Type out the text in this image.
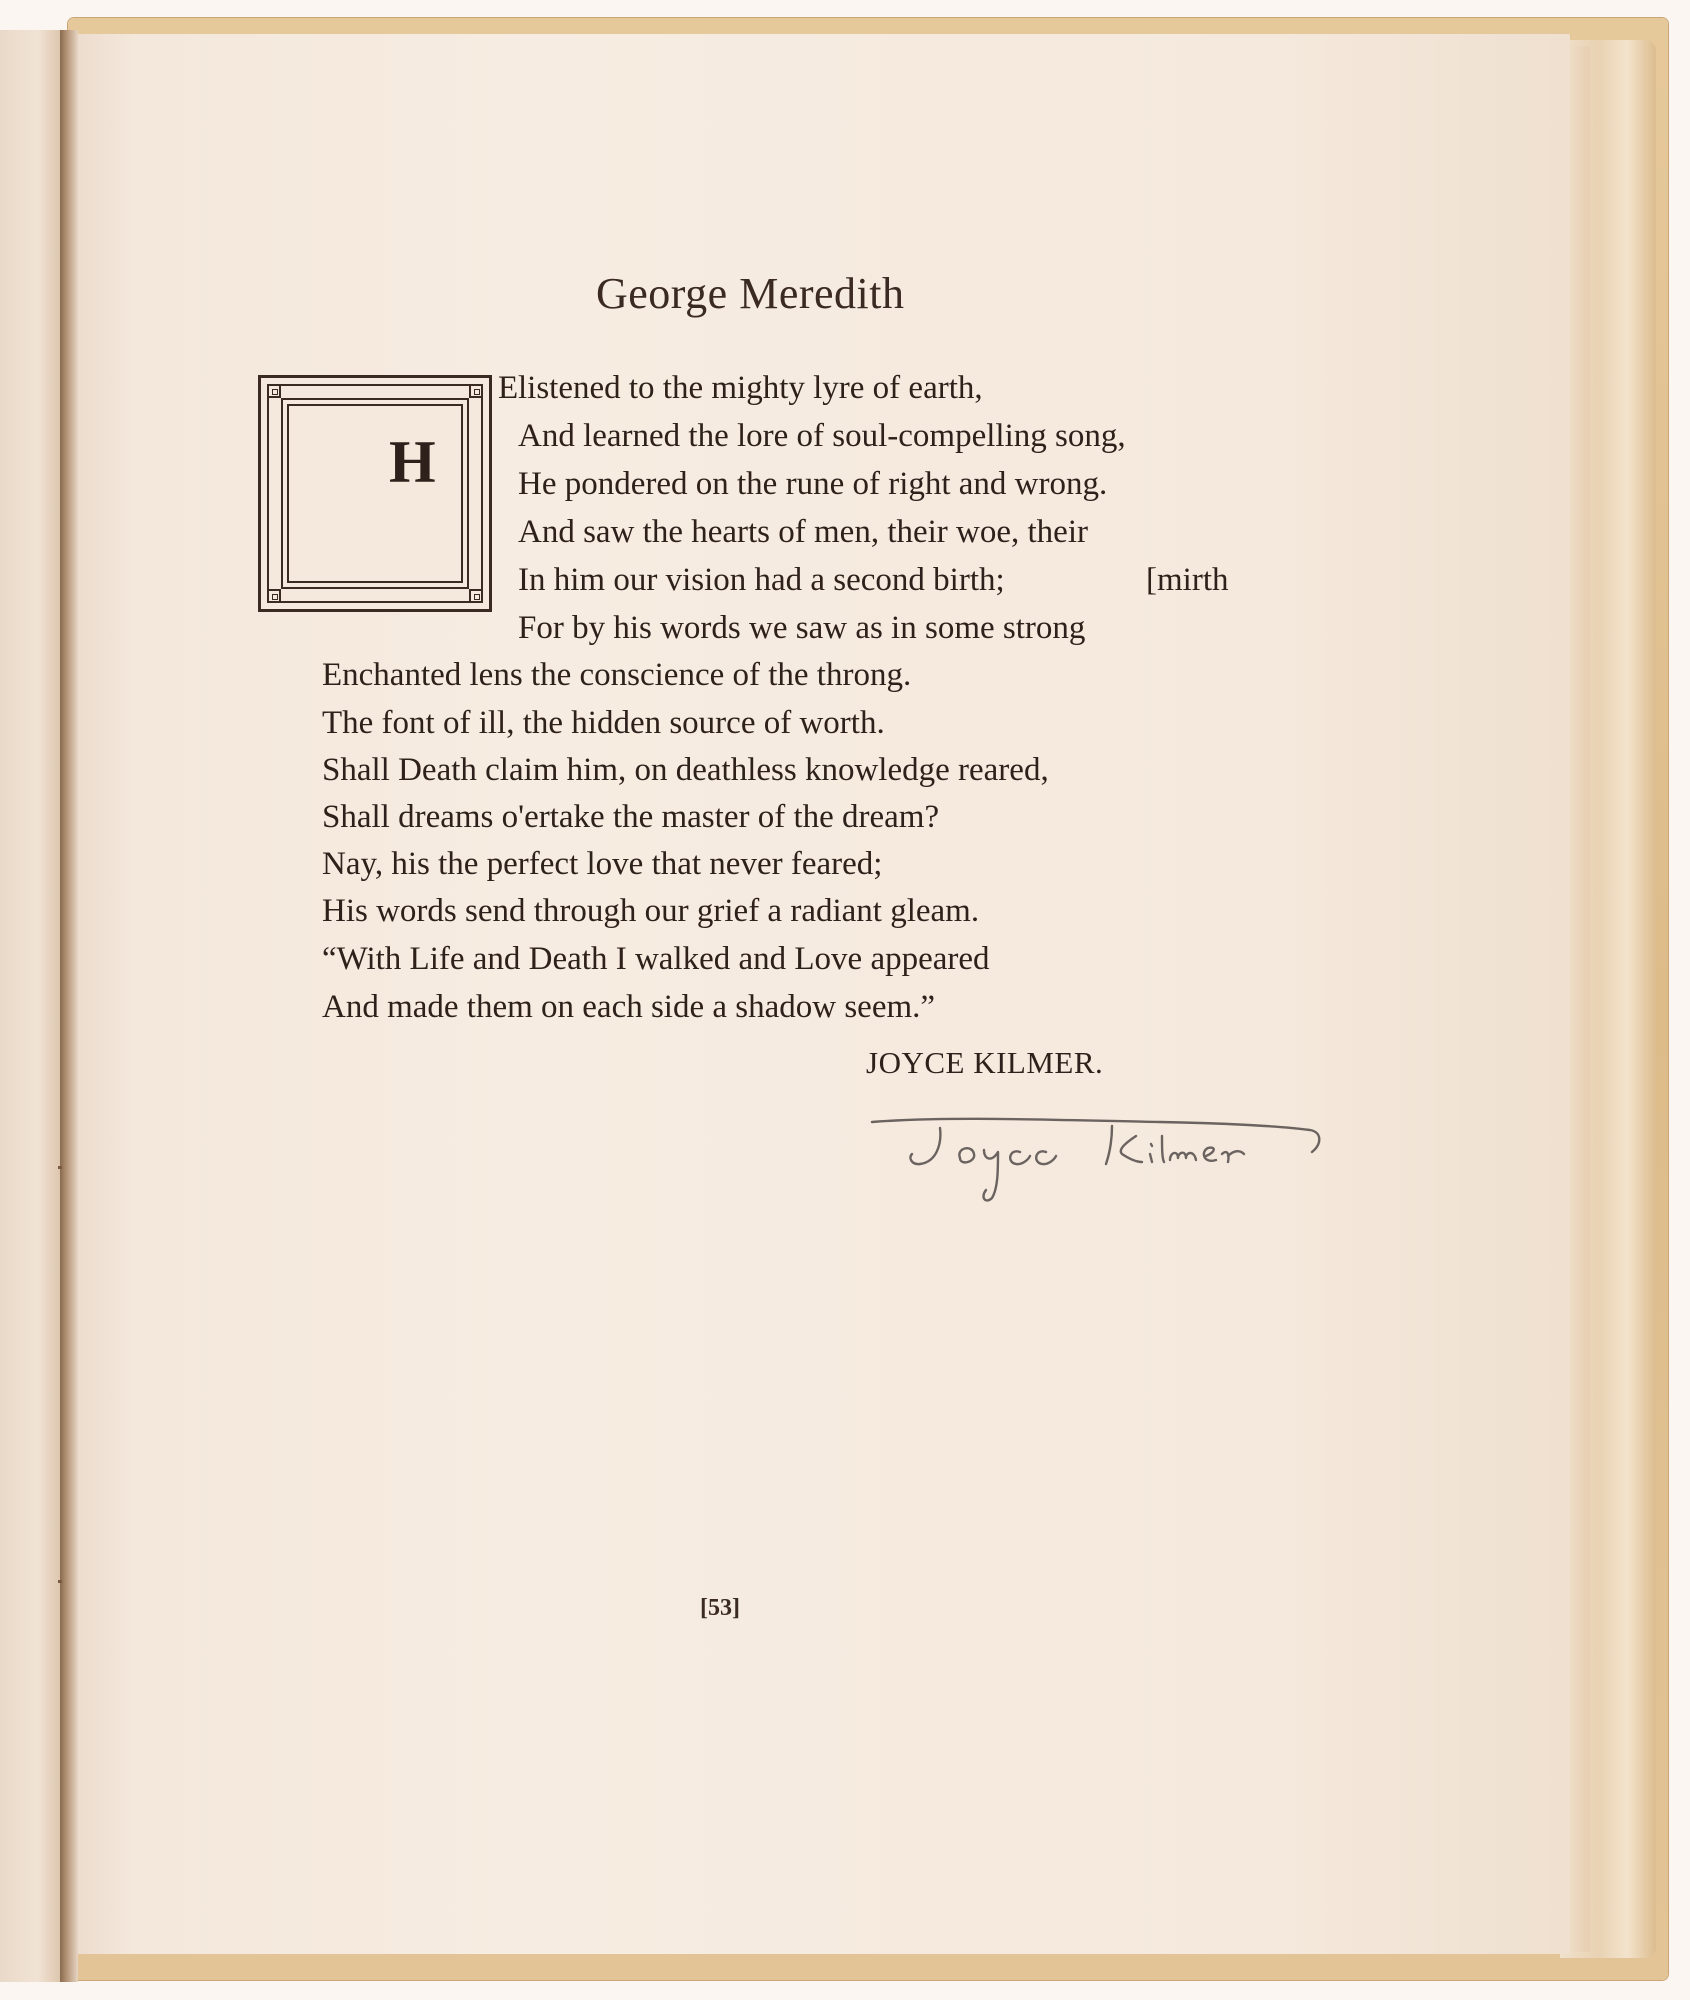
George Meredith
H
E listened to the mighty lyre of earth,
And learned the lore of soul-compelling song,
He pondered on the rune of right and wrong.
And saw the hearts of men, their woe, their
In him our vision had a second birth;	[mirth
For by his words we saw as in some strong
Enchanted lens the conscience of the throng.
The font of ill, the hidden source of worth.
Shall Death claim him, on deathless knowledge reared,
Shall dreams o'ertake the master of the dream?
Nay, his the perfect love that never feared;
His words send through our grief a radiant gleam.
“With Life and Death I walked and Love appeared
And made them on each side a shadow seem.”
JOYCE KILMER.
[53]
